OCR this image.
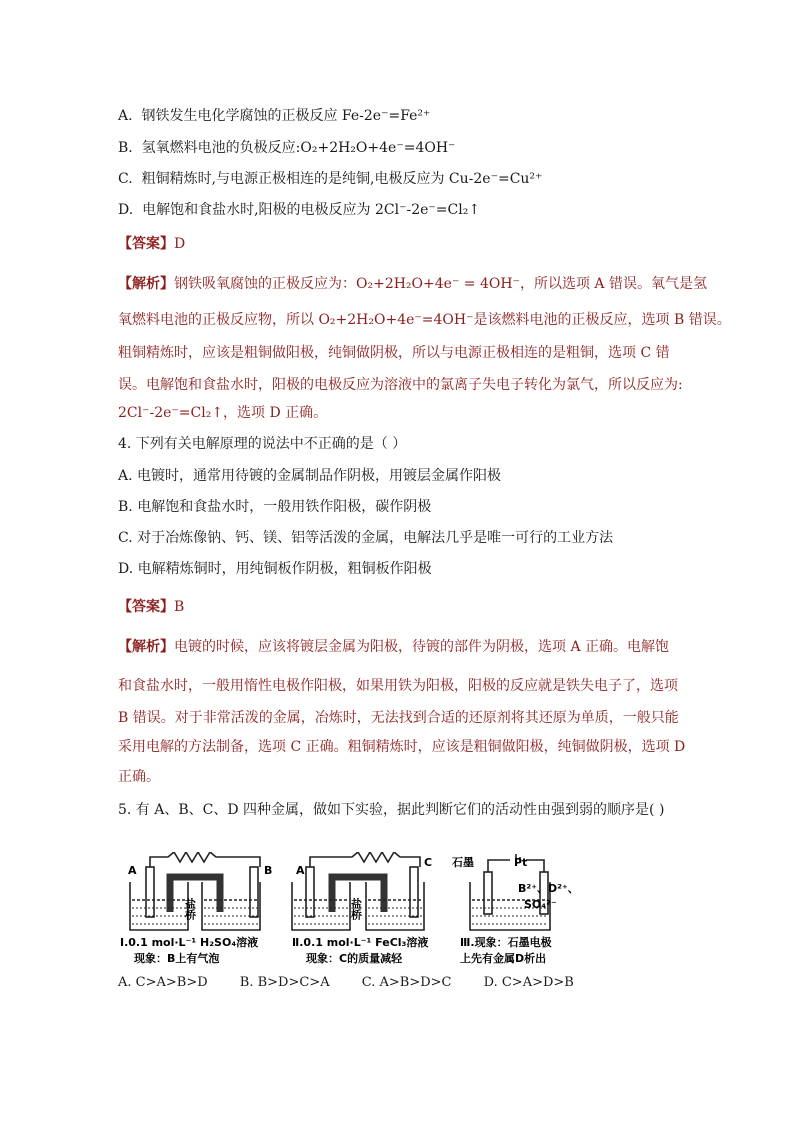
A. 钢铁发生电化学腐蚀的正极反应 Fe-2e⁻=Fe²⁺
B. 氢氧燃料电池的负极反应:O₂+2H₂O+4e⁻=4OH⁻
C. 粗铜精炼时,与电源正极相连的是纯铜,电极反应为 Cu-2e⁻=Cu²⁺
D. 电解饱和食盐水时,阳极的电极反应为 2Cl⁻-2e⁻=Cl₂↑
【答案】D
【解析】钢铁吸氧腐蚀的正极反应为：O₂+2H₂O+4e⁻ = 4OH⁻，所以选项 A 错误。氧气是氢
氧燃料电池的正极反应物，所以 O₂+2H₂O+4e⁻=4OH⁻是该燃料电池的正极反应，选项 B 错误。
粗铜精炼时，应该是粗铜做阳极，纯铜做阴极，所以与电源正极相连的是粗铜，选项 C 错
误。电解饱和食盐水时，阳极的电极反应为溶液中的氯离子失电子转化为氯气，所以反应为:
2Cl⁻-2e⁻=Cl₂↑，选项 D 正确。
4. 下列有关电解原理的说法中不正确的是（ ）
A. 电镀时，通常用待镀的金属制品作阴极，用镀层金属作阳极
B. 电解饱和食盐水时，一般用铁作阳极，碳作阴极
C. 对于冶炼像钠、钙、镁、铝等活泼的金属，电解法几乎是唯一可行的工业方法
D. 电解精炼铜时，用纯铜板作阴极，粗铜板作阳极
【答案】B
【解析】电镀的时候，应该将镀层金属为阳极，待镀的部件为阴极，选项 A 正确。电解饱
和食盐水时，一般用惰性电极作阳极，如果用铁为阳极，阳极的反应就是铁失电子了，选项
B 错误。对于非常活泼的金属，冶炼时，无法找到合适的还原剂将其还原为单质，一般只能
采用电解的方法制备，选项 C 正确。粗铜精炼时，应该是粗铜做阳极，纯铜做阴极，选项 D
正确。
5. 有 A、B、C、D 四种金属，做如下实验，据此判断它们的活动性由强到弱的顺序是( )
A	B
盐桥
Ⅰ.0.1 mol·L⁻¹ H₂SO₄溶液
现象：B上有气泡
A
C
盐桥
Ⅱ.0.1 mol·L⁻¹ FeCl₃溶液
现象：C的质量减轻
石墨	Pt
B²⁺、D²⁺、
SO₄²⁻
Ⅲ.现象：石墨电极
上先有金属D析出
A. C>A>B>D B. B>D>C>A C. A>B>D>C D. C>A>D>B
